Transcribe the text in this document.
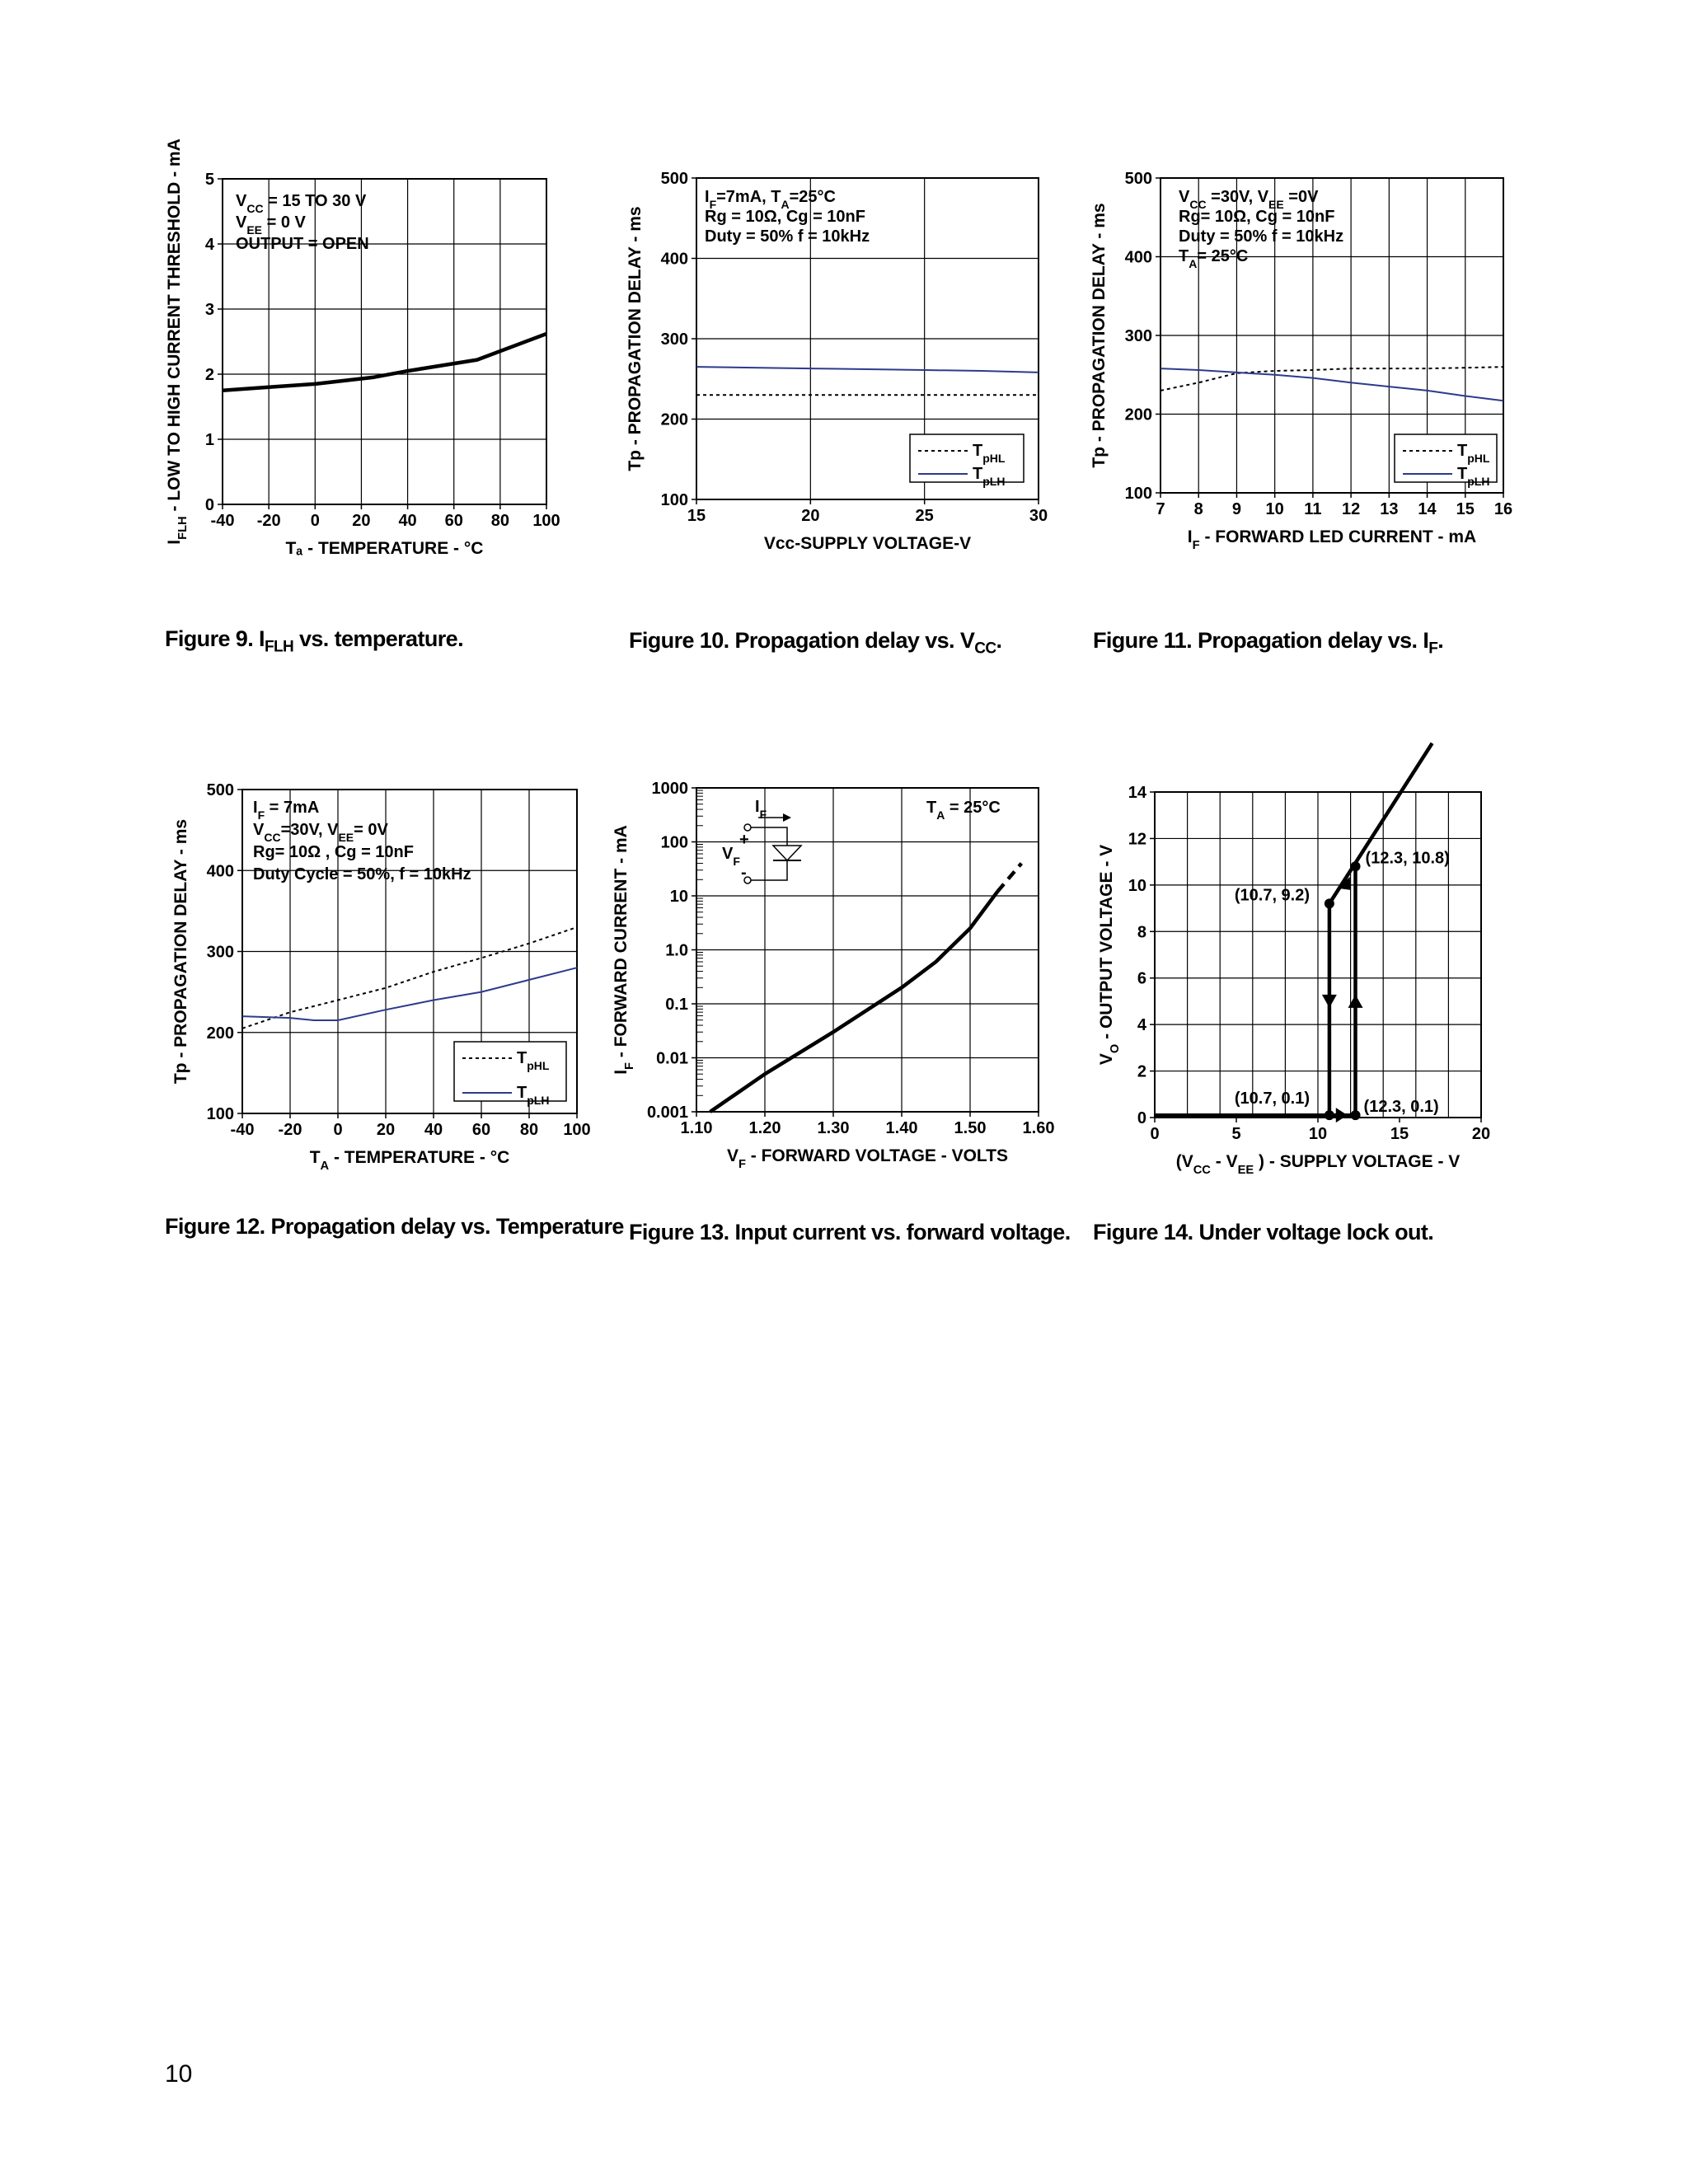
Figure 9. $I_{FLH}$ vs. temperature.	Figure 10. Propagation delay vs. $V_{CC}$.	Figure 11. Propagation delay vs. $I_F$.
Figure 12. Propagation delay vs. Temperature Figure 13. Input current vs. forward voltage. Figure 14. Under voltage lock out.
10
-40 -20 0 20 40 60 80 100
0
1
2
3
4
5
Tₐ - TEMPERATURE - °C
$I_{FLH}$ - LOW TO HIGH CURRENT THRESHOLD - mA	$V_{CC} = 15$ TO 30 V
$V_{EE} = 0$ V
OUTPUT = OPEN
15	20	25	30
100
200
300
400
500
Vcc-SUPPLY VOLTAGE-V
Tp - PROPAGATION DELAY - ms
$I_F=7mA$, $T_A=25^\circ C$
Rg = 10Ω, Cg = 10nF
Duty = 50% f = 10kHz
$T_{pHL}$
$T_{pLH}$
7 8 9 10 11 12 13 14 15 16
100
200
300
400
500
$I_F$ - FORWARD LED CURRENT - mA
Tp - PROPAGATION DELAY - ms
$V_{CC} =30V$, $V_{EE} =0V$
Rg= 10Ω, Cg = 10nF
Duty = 50% f = 10kHz
$T_A= 25^\circ C$
$T_{pHL}$
$T_{pLH}$
-40 -20 0 20 40 60 80 100
100
200
300
400
500
$T_A$ - TEMPERATURE - °C
Tp - PROPAGATION DELAY - ms
$I_F = 7mA$
$V_{CC}=30V$, $V_{EE}= 0V$
Rg= 10Ω , Cg = 10nF
Duty Cycle = 50%, f = 10kHz
$T_{pHL}$
$T_{pLH}$
1.10 1.20 1.30 1.40 1.50 1.60
0.001
0.01
0.1
1.0
10
100
1000
$V_F$ - FORWARD VOLTAGE - VOLTS
$I_F$ - FORWARD CURRENT - mA
$T_A = 25^\circ C$
$I_F$
$V_F$
+
-
0	5	10	15	20
0
2
4
6
8
10
12
14
($V_{CC} - V_{EE}$ ) - SUPPLY VOLTAGE - V
$V_O$ - OUTPUT VOLTAGE - V	(10.7, 9.2)
(12.3, 10.8)
(10.7, 0.1)	(12.3, 0.1)
